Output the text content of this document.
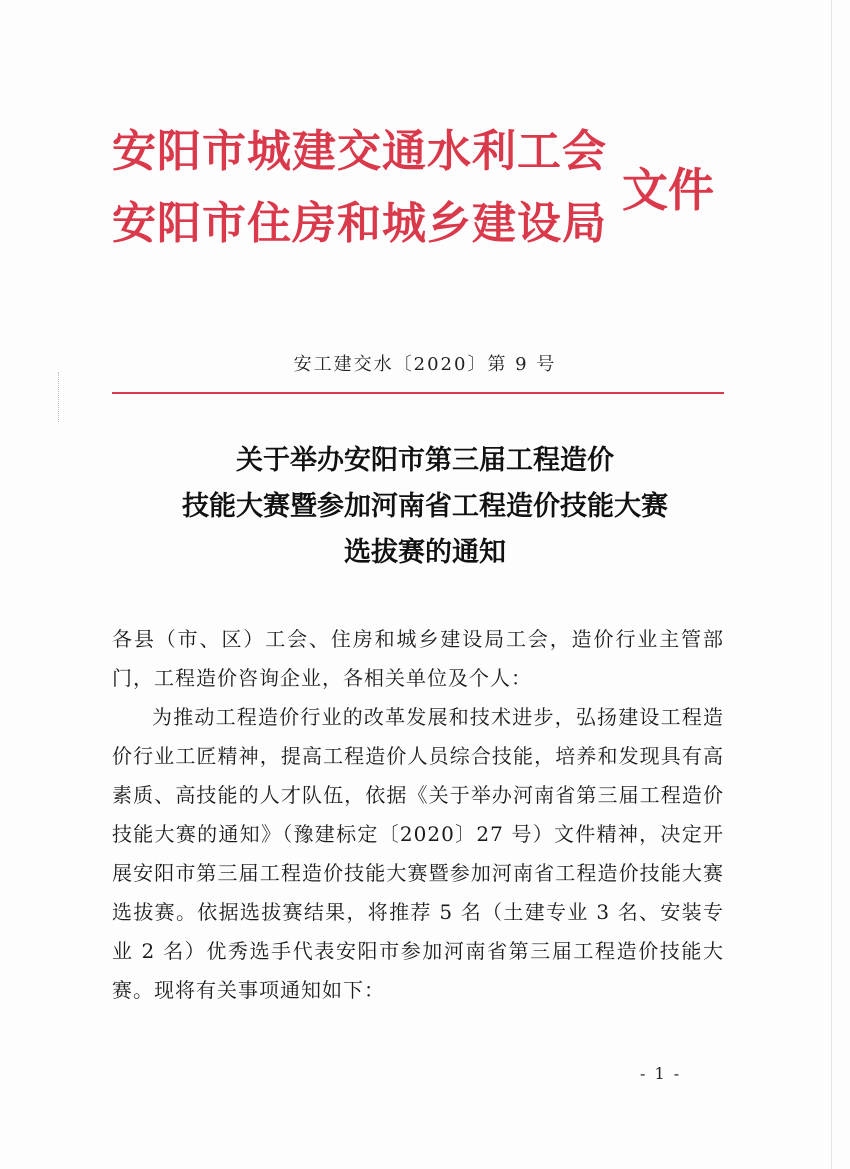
安阳市城建交通水利工会
安阳市住房和城乡建设局
文件
安工建交水〔2020〕第 9 号
关于举办安阳市第三届工程造价
技能大赛暨参加河南省工程造价技能大赛
选拔赛的通知

各县（市、区）工会、住房和城乡建设局工会，造价行业主管部门，工程造价咨询企业，各相关单位及个人：

为推动工程造价行业的改革发展和技术进步，弘扬建设工程造价行业工匠精神，提高工程造价人员综合技能，培养和发现具有高素质、高技能的人才队伍，依据《关于举办河南省第三届工程造价技能大赛的通知》（豫建标定〔2020〕27 号）文件精神，决定开展安阳市第三届工程造价技能大赛暨参加河南省工程造价技能大赛选拔赛。依据选拔赛结果，将推荐 5 名（土建专业 3 名、安装专业 2 名）优秀选手代表安阳市参加河南省第三届工程造价技能大赛。现将有关事项通知如下：

- 1 -
